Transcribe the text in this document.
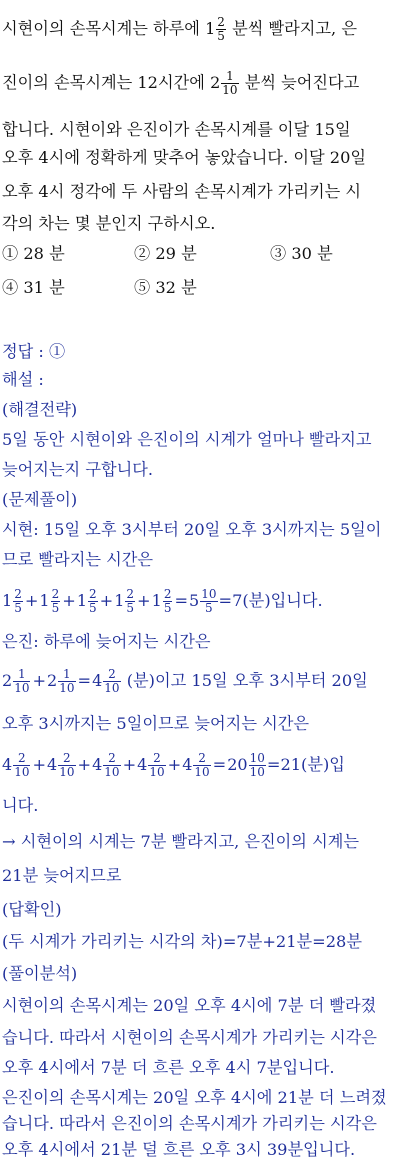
시현이의 손목시계는 하루에 $1 \frac{2}{5}$ 분씩 빨라지고, 은
진이의 손목시계는 12시간에 $2 \frac{1}{10}$ 분씩 늦어진다고
합니다. 시현이와 은진이가 손목시계를 이달 15일
오후 4시에 정확하게 맞추어 놓았습니다. 이달 20일
오후 4시 정각에 두 사람의 손목시계가 가리키는 시
각의 차는 몇 분인지 구하시오.
① 28 분	② 29 분	③ 30 분
④ 31 분	⑤ 32 분
정답 : ①
해설 :
(해결전략)
5일 동안 시현이와 은진이의 시계가 얼마나 빨라지고
늦어지는지 구합니다.
(문제풀이)
시현: 15일 오후 3시부터 20일 오후 3시까지는 5일이
므로 빨라지는 시간은
$1 \frac{2}{5} +1 \frac{2}{5} +1 \frac{2}{5} +1 \frac{2}{5} +1 \frac{2}{5} =5 \frac{10}{5} =7$(분)입니다.
은진: 하루에 늦어지는 시간은
$2 \frac{1}{10} +2 \frac{1}{10} =4 \frac{2}{10}$ (분)이고 15일 오후 3시부터 20일
오후 3시까지는 5일이므로 늦어지는 시간은
$4 \frac{2}{10} +4 \frac{2}{10} +4 \frac{2}{10} +4 \frac{2}{10} +4 \frac{2}{10} =20 \frac{10}{10} =21$(분)입
니다.
→ 시현이의 시계는 7분 빨라지고, 은진이의 시계는
21분 늦어지므로
(답확인)
(두 시계가 가리키는 시각의 차)=7분+21분=28분
(풀이분석)
시현이의 손목시계는 20일 오후 4시에 7분 더 빨라졌
습니다. 따라서 시현이의 손목시계가 가리키는 시각은
오후 4시에서 7분 더 흐른 오후 4시 7분입니다.
은진이의 손목시계는 20일 오후 4시에 21분 더 느려졌
습니다. 따라서 은진이의 손목시계가 가리키는 시각은
오후 4시에서 21분 덜 흐른 오후 3시 39분입니다.
